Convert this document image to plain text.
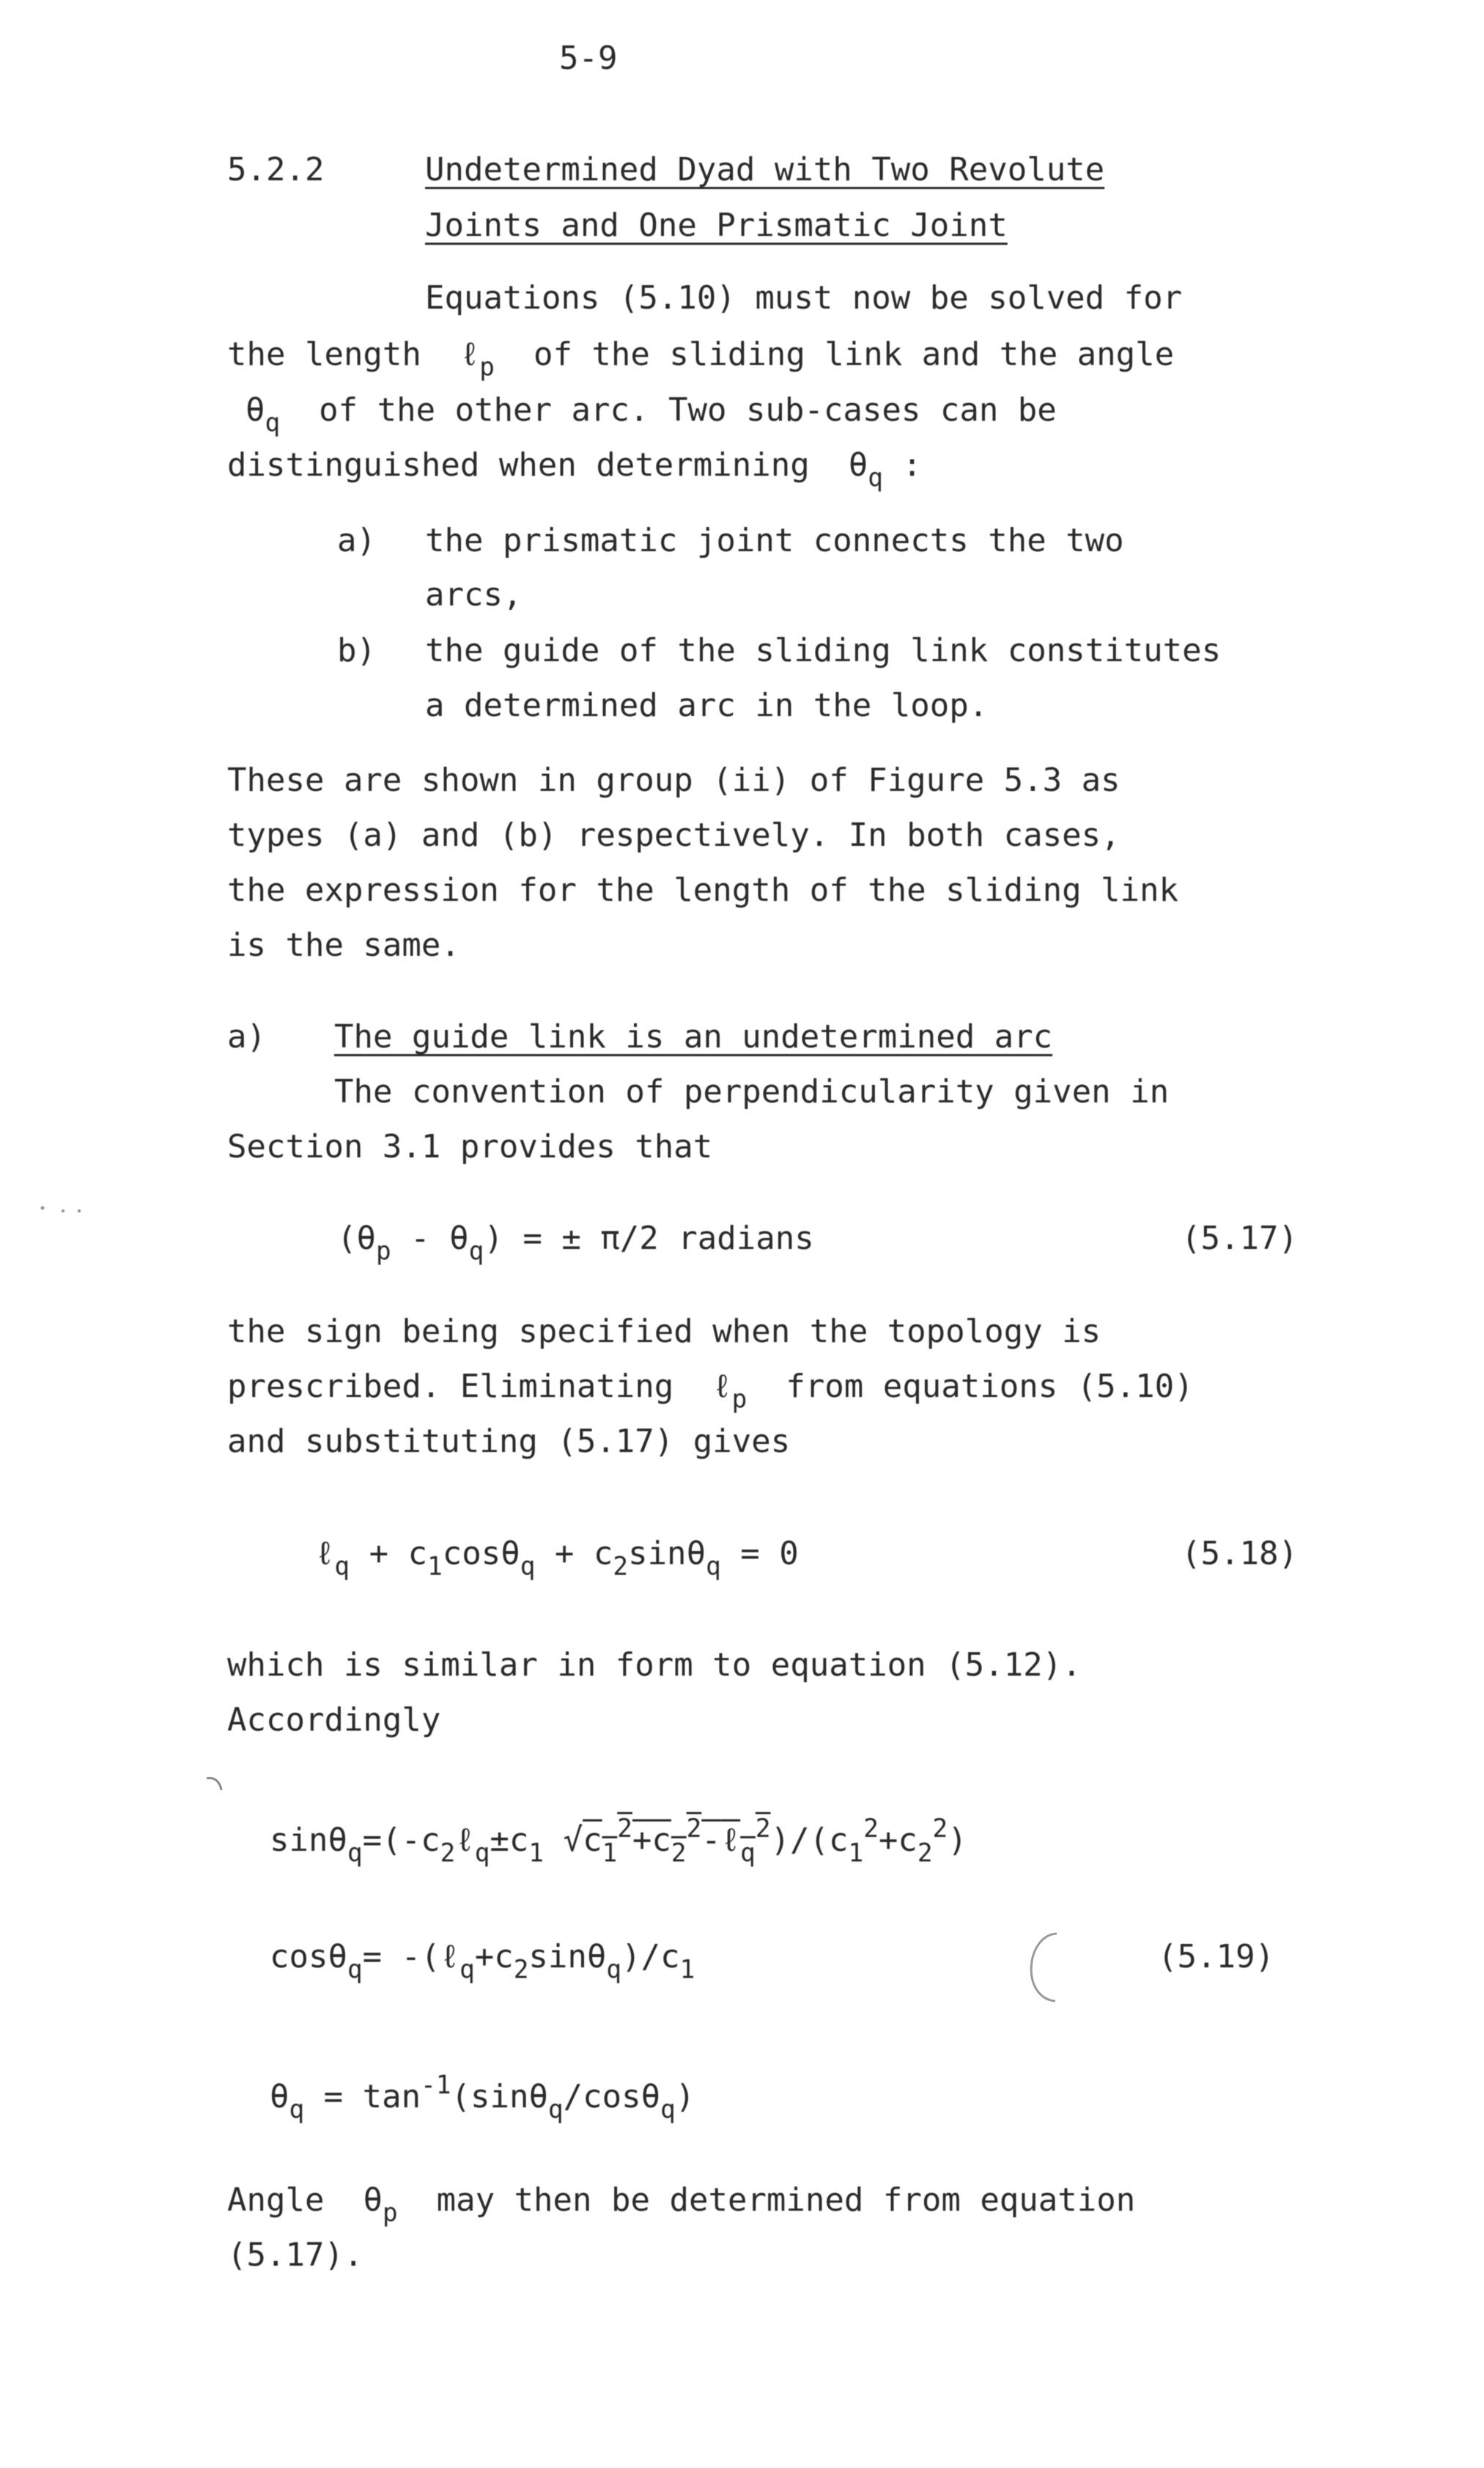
5-9
5.2.2	Undetermined Dyad with Two Revolute
Joints and One Prismatic Joint
Equations (5.10) must now be solved for
the length ℓ$_p$ of the sliding link and the angle
$\theta_q$ of the other arc. Two sub-cases can be
distinguished when determining $\theta_q$ :
a) the prismatic joint connects the two
arcs,
b) the guide of the sliding link constitutes
a determined arc in the loop.
These are shown in group (ii) of Figure 5.3 as
types (a) and (b) respectively. In both cases,
the expression for the length of the sliding link
is the same.
a) The guide link is an undetermined arc
The convention of perpendicularity given in
Section 3.1 provides that
$(\theta_p - \theta_q)$ = ± π/2 radians	(5.17)
the sign being specified when the topology is
prescribed. Eliminating ℓ$_p$ from equations (5.10)
and substituting (5.17) gives
ℓ$_q$ + $c_1\cos\theta_q + c_2\sin\theta_q = 0$	(5.18)
which is similar in form to equation (5.12).
Accordingly
$\sin\theta_q=(-c_2\ell_q\pm c_1$ $√c_1^2+c_2^2-\ell_q^2)/(c_1^2+c_2^2)$
$\cos\theta_q= -(\ell_q+c_2\sin\theta_q)/c_1$	(5.19)
$\theta_q = \tan^{-1}(\sin\theta_q/\cos\theta_q)$
Angle $\theta_p$ may then be determined from equation
(5.17).
